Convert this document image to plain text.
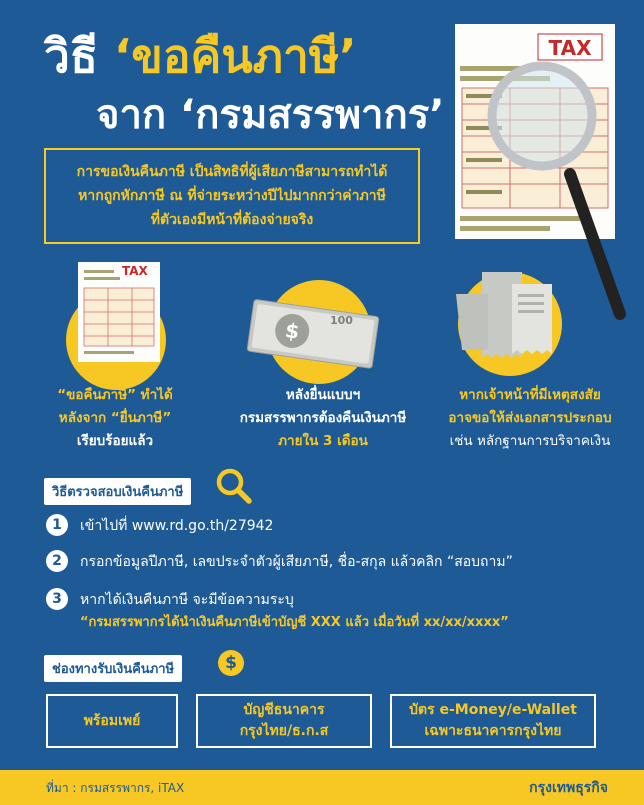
วิธี ‘ขอคืนภาษี’
จาก ‘กรมสรรพากร’
TAX
การขอเงินคืนภาษี เป็นสิทธิที่ผู้เสียภาษีสามารถทำได้
หากถูกหักภาษี ณ ที่จ่ายระหว่างปีไปมากกว่าค่าภาษี
ที่ตัวเองมีหน้าที่ต้องจ่ายจริง
TAX
“ขอคืนภาษี” ทำได้
หลังจาก “ยื่นภาษี”
เรียบร้อยแล้ว
$	100
หลังยื่นแบบฯ
กรมสรรพากรต้องคืนเงินภาษี
ภายใน 3 เดือน
หากเจ้าหน้าที่มีเหตุสงสัย
อาจขอให้ส่งเอกสารประกอบ
เช่น หลักฐานการบริจาคเงิน
วิธีตรวจสอบเงินคืนภาษี
1	เข้าไปที่ www.rd.go.th/27942
2	กรอกข้อมูลปีภาษี, เลขประจำตัวผู้เสียภาษี, ชื่อ-สกุล แล้วคลิก “สอบถาม”
3	หากได้เงินคืนภาษี จะมีข้อความระบุ
“กรมสรรพากรได้นำเงินคืนภาษีเข้าบัญชี XXX แล้ว เมื่อวันที่ xx/xx/xxxx”
ช่องทางรับเงินคืนภาษี	$
พร้อมเพย์
บัญชีธนาคาร
กรุงไทย/ธ.ก.ส
บัตร e-Money/e-Wallet
เฉพาะธนาคารกรุงไทย
ที่มา : กรมสรรพากร, iTAX	กรุงเทพธุรกิจ
